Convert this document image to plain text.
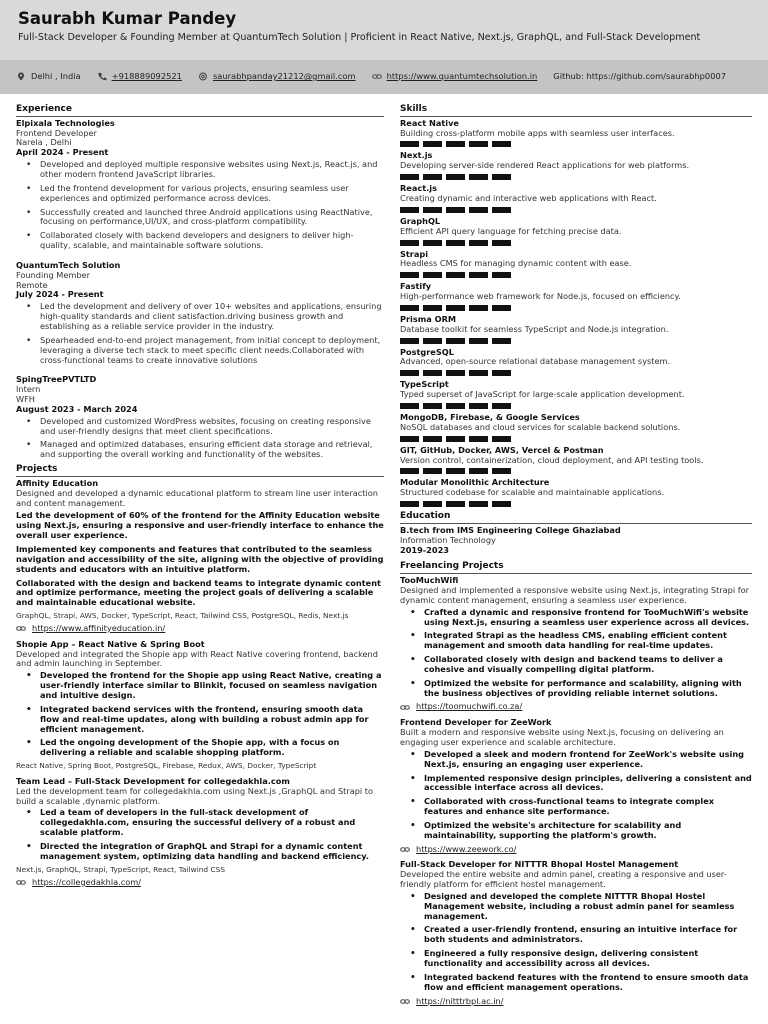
Saurabh Kumar Pandey
Full-Stack Developer & Founding Member at QuantumTech Solution | Proficient in React Native, Next.js, GraphQL, and Full-Stack Development
Delhi , India	+918889092521	saurabhpanday21212@gmail.com	https://www.quantumtechsolution.in Github: https://github.com/saurabhp0007
Experience
Elpixala Technologies
Frontend Developer
Narela , Delhi
April 2024 - Present
• Developed and deployed multiple responsive websites using Next.js, React.js, and other modern frontend JavaScript libraries.
• Led the frontend development for various projects, ensuring seamless user experiences and optimized performance across devices.
• Successfully created and launched three Android applications using ReactNative, focusing on performance,UI/UX, and cross-platform compatibility.
• Collaborated closely with backend developers and designers to deliver high-quality, scalable, and maintainable software solutions.
QuantumTech Solution
Founding Member
Remote
July 2024 - Present
• Led the development and delivery of over 10+ websites and applications, ensuring high-quality standards and client satisfaction.driving business growth and establishing as a reliable service provider in the industry.
• Spearheaded end-to-end project management, from initial concept to deployment, leveraging a diverse tech stack to meet specific client needs.Collaborated with cross-functional teams to create innovative solutions
SpingTreePVTLTD
Intern
WFH
August 2023 - March 2024
• Developed and customized WordPress websites, focusing on creating responsive and user-friendly designs that meet client specifications.
• Managed and optimized databases, ensuring efficient data storage and retrieval, and supporting the overall working and functionality of the websites.
Projects
Affinity Education
Designed and developed a dynamic educational platform to stream line user interaction and content management.
Led the development of 60% of the frontend for the Affinity Education website using Next.js, ensuring a responsive and user-friendly interface to enhance the overall user experience.
Implemented key components and features that contributed to the seamless navigation and accessibility of the site, aligning with the objective of providing students and educators with an intuitive platform.
Collaborated with the design and backend teams to integrate dynamic content and optimize performance, meeting the project goals of delivering a scalable and maintainable educational website.
GraphQL, Strapi, AWS, Docker, TypeScript, React, Tailwind CSS, PostgreSQL, Redis, Next.js
https://www.affinityeducation.in/
Shopie App – React Native & Spring Boot
Developed and integrated the Shopie app with React Native covering frontend, backend and admin launching in September.
• Developed the frontend for the Shopie app using React Native, creating a user-friendly interface similar to Blinkit, focused on seamless navigation and intuitive design.
• Integrated backend services with the frontend, ensuring smooth data flow and real-time updates, along with building a robust admin app for efficient management.
• Led the ongoing development of the Shopie app, with a focus on delivering a reliable and scalable shopping platform.
React Native, Spring Boot, PostgreSQL, Firebase, Redux, AWS, Docker, TypeScript
Team Lead – Full-Stack Development for collegedakhla.com
Led the development team for collegedakhla.com using Next.js ,GraphQL and Strapi to build a scalable ,dynamic platform.
• Led a team of developers in the full-stack development of collegedakhla.com, ensuring the successful delivery of a robust and scalable platform.
• Directed the integration of GraphQL and Strapi for a dynamic content management system, optimizing data handling and backend efficiency.
Next.js, GraphQL, Strapi, TypeScript, React, Tailwind CSS
https://collegedakhla.com/
Skills
React Native
Building cross-platform mobile apps with seamless user interfaces.
Next.js
Developing server-side rendered React applications for web platforms.
React.js
Creating dynamic and interactive web applications with React.
GraphQL
Efficient API query language for fetching precise data.
Strapi
Headless CMS for managing dynamic content with ease.
Fastify
High-performance web framework for Node.js, focused on efficiency.
Prisma ORM
Database toolkit for seamless TypeScript and Node.js integration.
PostgreSQL
Advanced, open-source relational database management system.
TypeScript
Typed superset of JavaScript for large-scale application development.
MongoDB, Firebase, & Google Services
NoSQL databases and cloud services for scalable backend solutions.
GIT, GitHub, Docker, AWS, Vercel & Postman
Version control, containerization, cloud deployment, and API testing tools.
Modular Monolithic Architecture
Structured codebase for scalable and maintainable applications.
Education
B.tech from IMS Engineering College Ghaziabad
Information Technology
2019-2023
Freelancing Projects
TooMuchWifi
Designed and implemented a responsive website using Next.js, integrating Strapi for dynamic content management, ensuring a seamless user experience.
• Crafted a dynamic and responsive frontend for TooMuchWifi's website using Next.js, ensuring a seamless user experience across all devices.
• Integrated Strapi as the headless CMS, enabling efficient content management and smooth data handling for real-time updates.
• Collaborated closely with design and backend teams to deliver a cohesive and visually compelling digital platform.
• Optimized the website for performance and scalability, aligning with the business objectives of providing reliable internet solutions.
https://toomuchwifi.co.za/
Frontend Developer for ZeeWork
Built a modern and responsive website using Next.js, focusing on delivering an engaging user experience and scalable architecture.
• Developed a sleek and modern frontend for ZeeWork's website using Next.js, ensuring an engaging user experience.
• Implemented responsive design principles, delivering a consistent and accessible interface across all devices.
• Collaborated with cross-functional teams to integrate complex features and enhance site performance.
• Optimized the website's architecture for scalability and maintainability, supporting the platform's growth.
https://www.zeework.co/
Full-Stack Developer for NITTTR Bhopal Hostel Management
Developed the entire website and admin panel, creating a responsive and user-friendly platform for efficient hostel management.
• Designed and developed the complete NITTTR Bhopal Hostel Management website, including a robust admin panel for seamless management.
• Created a user-friendly frontend, ensuring an intuitive interface for both students and administrators.
• Engineered a fully responsive design, delivering consistent functionality and accessibility across all devices.
• Integrated backend features with the frontend to ensure smooth data flow and efficient management operations.
https://nitttrbpl.ac.in/
